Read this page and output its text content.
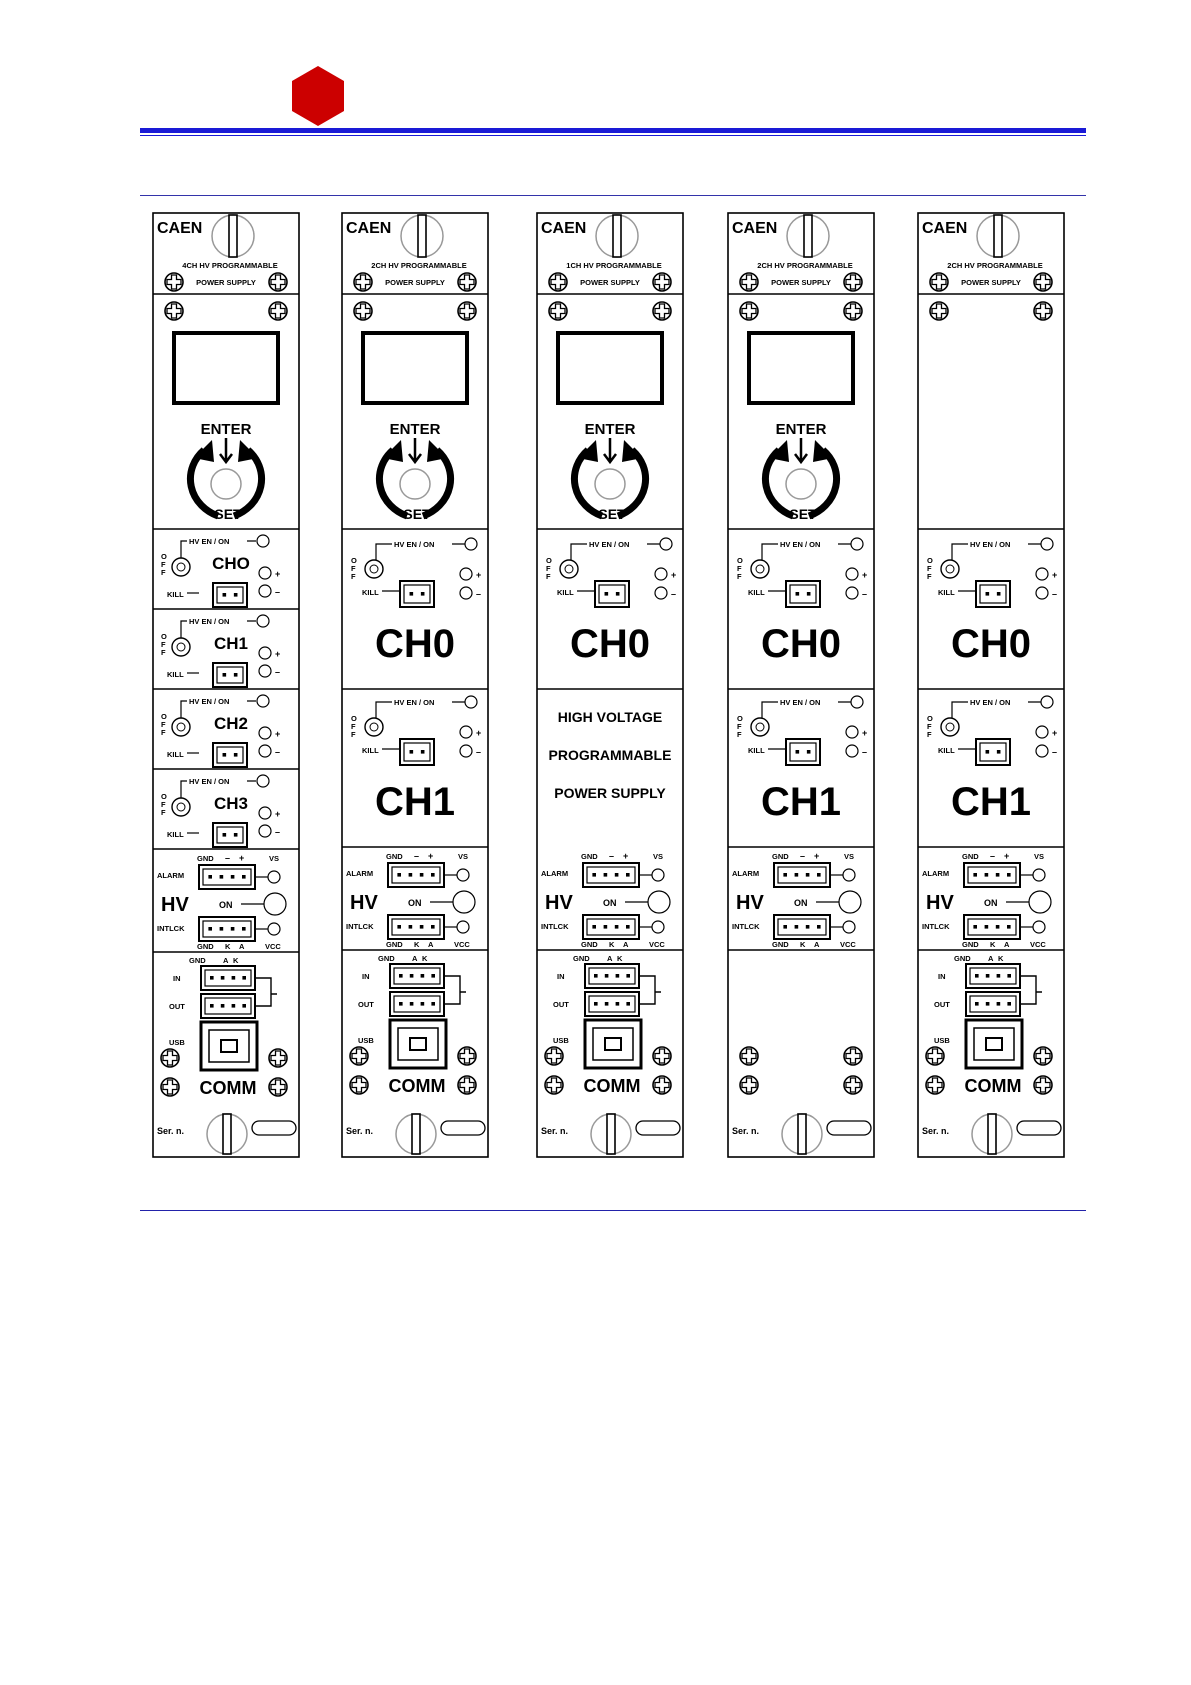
CAEN
4CH HV PROGRAMMABLE
POWER SUPPLY
ENTER
SET
HV EN / ON
O
F
F	CHO
KILL
+
–
HV EN / ON
O
F
F	CH1
KILL
+
–
HV EN / ON
O
F
F	CH2
KILL
+
–
HV EN / ON
O
F
F	CH3
KILL
+
–
GND – +	VS
ALARM
HV	ON
INTLCK
GND K A	VCC
GND A K
IN
OUT
USB
COMM
Ser. n.
CAEN
2CH HV PROGRAMMABLE
POWER SUPPLY
ENTER
SET
HV EN / ON
O
F
F
KILL
+
–
CH0
HV EN / ON
O
F
F
KILL
+
–
CH1
GND – +	VS
ALARM
HV	ON
INTLCK
GND K A	VCC
GND A K
IN
OUT
USB
COMM
Ser. n.
CAEN
1CH HV PROGRAMMABLE
POWER SUPPLY
ENTER
SET
HV EN / ON
O
F
F
KILL
+
–
CH0
HIGH VOLTAGE
PROGRAMMABLE
POWER SUPPLY
GND – +	VS
ALARM
HV	ON
INTLCK
GND K A	VCC
GND A K
IN
OUT
USB
COMM
Ser. n.
CAEN
2CH HV PROGRAMMABLE
POWER SUPPLY
ENTER
SET
HV EN / ON
O
F
F
KILL
+
–
CH0
HV EN / ON
O
F
F
KILL
+
–
CH1
GND – +	VS
ALARM
HV	ON
INTLCK
GND K A	VCC
Ser. n.
CAEN
2CH HV PROGRAMMABLE
POWER SUPPLY
HV EN / ON
O
F
F
KILL
+
–
CH0
HV EN / ON
O
F
F
KILL
+
–
CH1
GND – +	VS
ALARM
HV	ON
INTLCK
GND K A	VCC
GND A K
IN
OUT
USB
COMM
Ser. n.
